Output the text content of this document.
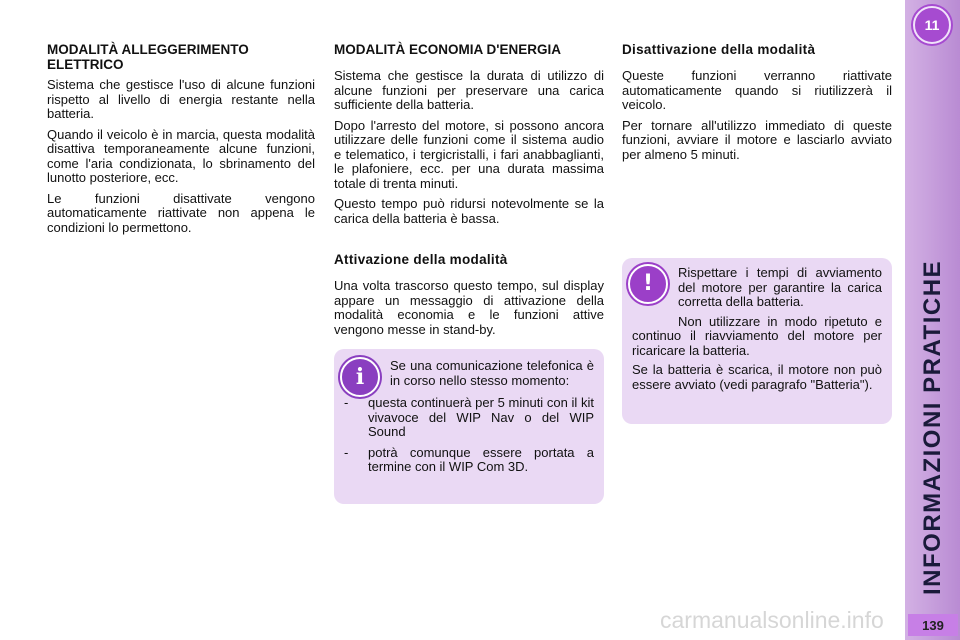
11
INFORMAZIONI PRATICHE
139
MODALITÀ ALLEGGERIMENTO ELETTRICO

Sistema che gestisce l'uso di alcune funzioni rispetto al livello di energia restante nella batteria.

Quando il veicolo è in marcia, questa modalità disattiva temporaneamente alcune funzioni, come l'aria condizionata, lo sbrinamento del lunotto posteriore, ecc.

Le funzioni disattivate vengono automaticamente riattivate non appena le condizioni lo permettono.

MODALITÀ ECONOMIA D'ENERGIA

Sistema che gestisce la durata di utilizzo di alcune funzioni per preservare una carica sufficiente della batteria.

Dopo l'arresto del motore, si possono ancora utilizzare delle funzioni come il sistema audio e telematico, i tergicristalli, i fari anabbaglianti, le plafoniere, ecc. per una durata massima totale di trenta minuti.

Questo tempo può ridursi notevolmente se la carica della batteria è bassa.

Attivazione della modalità

Una volta trascorso questo tempo, sul display appare un messaggio di attivazione della modalità economia e le funzioni attive vengono messe in stand-by.

i	Se una comunicazione telefonica è in corso nello stesso momento:

-	questa continuerà per 5 minuti con il kit vivavoce del WIP Nav o del WIP Sound
-	potrà comunque essere portata a termine con il WIP Com 3D.
Disattivazione della modalità

Queste funzioni verranno riattivate automaticamente quando si riutilizzerà il veicolo.

Per tornare all'utilizzo immediato di queste funzioni, avviare il motore e lasciarlo avviato per almeno 5 minuti.

!	Rispettare i tempi di avviamento del motore per garantire la carica corretta della batteria.

Non utilizzare in modo ripetuto e continuo il riavviamento del motore per ricaricare la batteria.

Se la batteria è scarica, il motore non può essere avviato (vedi paragrafo "Batteria").

carmanualsonline.info
